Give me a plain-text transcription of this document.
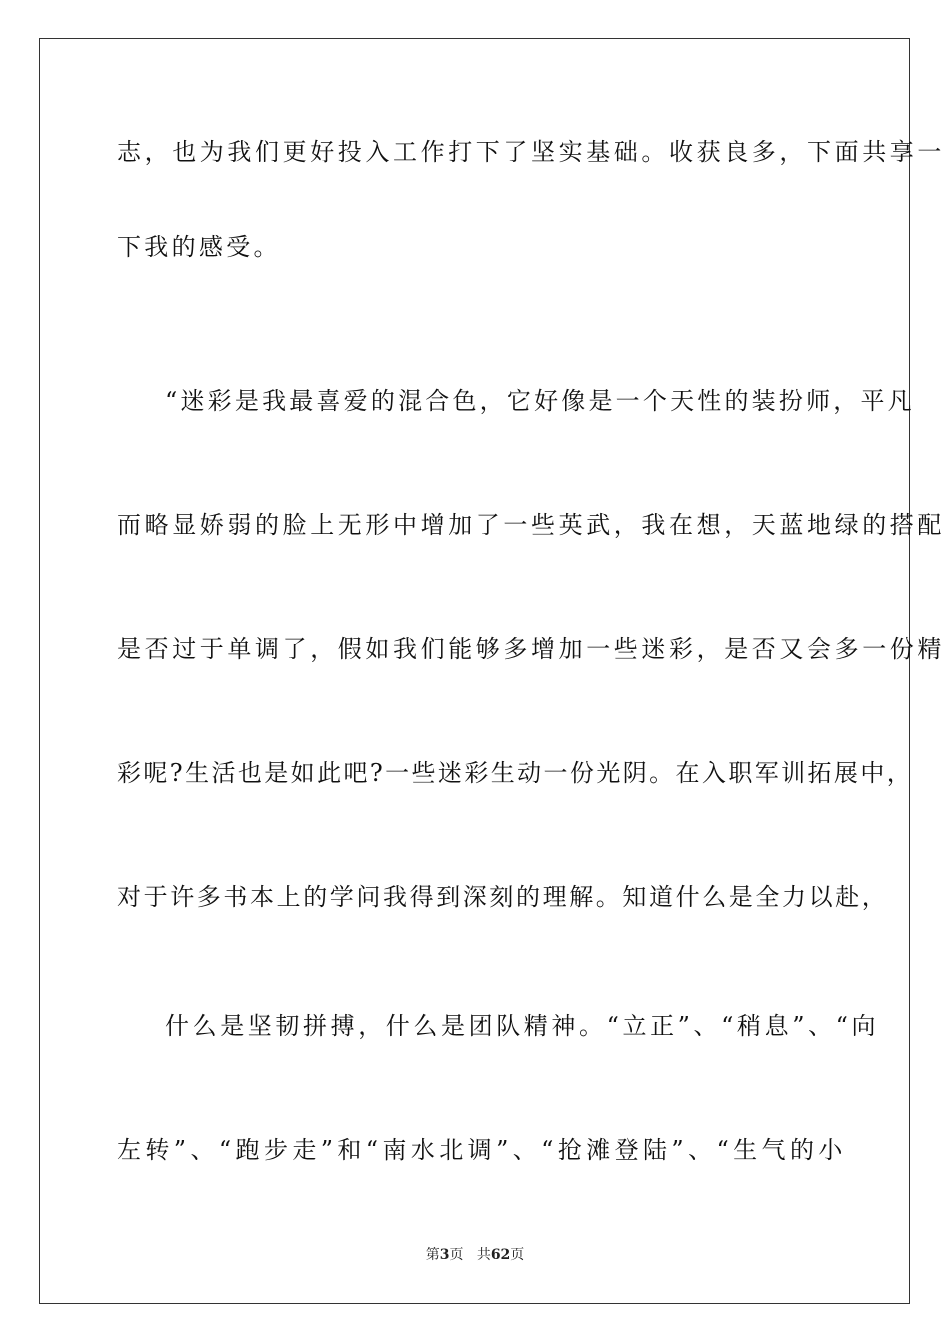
志，也为我们更好投入工作打下了坚实基础。收获良多，下面共享一
下我的感受。
“迷彩是我最喜爱的混合色，它好像是一个天性的装扮师，平凡
而略显娇弱的脸上无形中增加了一些英武，我在想，天蓝地绿的搭配
是否过于单调了，假如我们能够多增加一些迷彩，是否又会多一份精
彩呢?生活也是如此吧?一些迷彩生动一份光阴。在入职军训拓展中，
对于许多书本上的学问我得到深刻的理解。知道什么是全力以赴，
什么是坚韧拼搏，什么是团队精神。“立正”、“稍息”、“向
左转”、“跑步走”和“南水北调”、“抢滩登陆”、“生气的小
第3页 共62页
